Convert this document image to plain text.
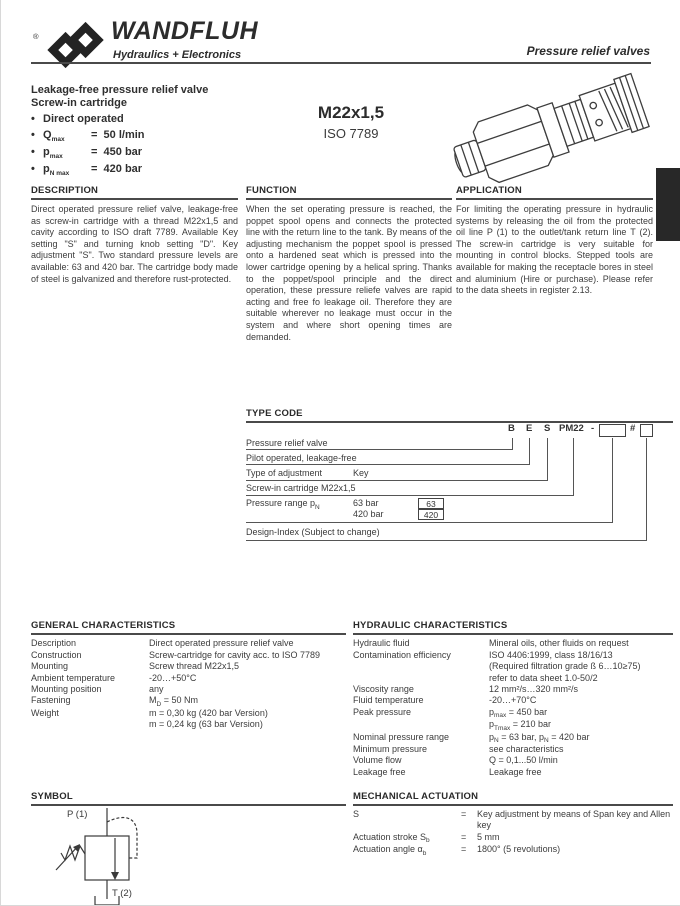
®	WANDFLUH
Hydraulics + Electronics	Pressure relief valves
Leakage-free pressure relief valve
Screw-in cartridge
•
Direct operated
•
$Q_{max}$	=  50 l/min
•
$p_{max}$	=  450 bar
•
$p_{N max}$	=  420 bar
M22x1,5
ISO 7789
DESCRIPTION
Direct operated pressure relief valve, leakage-free as screw-in cartridge with a thread M22x1,5 and cavity according to ISO draft 7789. Available Key setting "S" and turning knob setting "D". Key adjustment "S". Two standard pressure levels are available: 63 and 420 bar. The cartridge body made of steel is galvanized and therefore rust-protected.
FUNCTION
When the set operating pressure is reached, the poppet spool opens and connects the protected line with the return line to the tank. By means of the adjusting mechanism the poppet spool is pressed onto a hardened seat which is pressed into the lower cartridge opening by a helical spring. Thanks to the poppet/spool principle and the direct operation, these pressure reliefe valves are rapid acting and free fo leakage oil. Therefore they are suitable wherever no leakage must occur in the system and where short opening times are demanded.
APPLICATION
For limiting the operating pressure in hydraulic systems by releasing the oil from the protected oil line P (1) to the outlet/tank return line T (2). The screw-in cartridge is very suitable for mounting in control blocks. Stepped tools are available for making the receptacle bores in steel and aluminium (Hire or purchase). Please refer to the data sheets in register 2.13.
TYPE CODE
B E S PM22 -	#
Pressure relief valve
Pilot operated, leakage-free
Type of adjustment	Key
Screw-in cartridge M22x1,5
Pressure range $p_N$	63 bar	63
420 bar	420
Design-Index (Subject to change)
GENERAL CHARACTERISTICS
Description	Direct operated pressure relief valve
Construction	Screw-cartridge for cavity acc. to ISO 7789
Mounting	Screw thread M22x1,5
Ambient temperature	-20…+50°C
Mounting position	any
Fastening	$M_D = 50$ Nm
Weight	m = 0,30 kg (420 bar Version)
m = 0,24 kg (63 bar Version)
HYDRAULIC CHARACTERISTICS
Hydraulic fluid	Mineral oils, other fluids on request
Contamination efficiency	ISO 4406:1999, class 18/16/13
(Required filtration grade ß 6…10≥75)
refer to data sheet 1.0-50/2
Viscosity range	12 mm²/s…320 mm²/s
Fluid temperature	-20…+70°C
Peak pressure	$p_{max} = 450$ bar
$p_{Tmax} = 210$ bar
Nominal pressure range	$p_N = 63$ bar, $p_N = 420$ bar
Minimum pressure	see characteristics
Volume flow	Q = 0,1...50 l/min
Leakage free	Leakage free
SYMBOL
P (1)
T (2)
MECHANICAL ACTUATION
S	=	Key adjustment by means of Span key and Allen key
Actuation stroke $S_b$	=	5 mm
Actuation angle $\alpha_b$	=	1800° (5 revolutions)
